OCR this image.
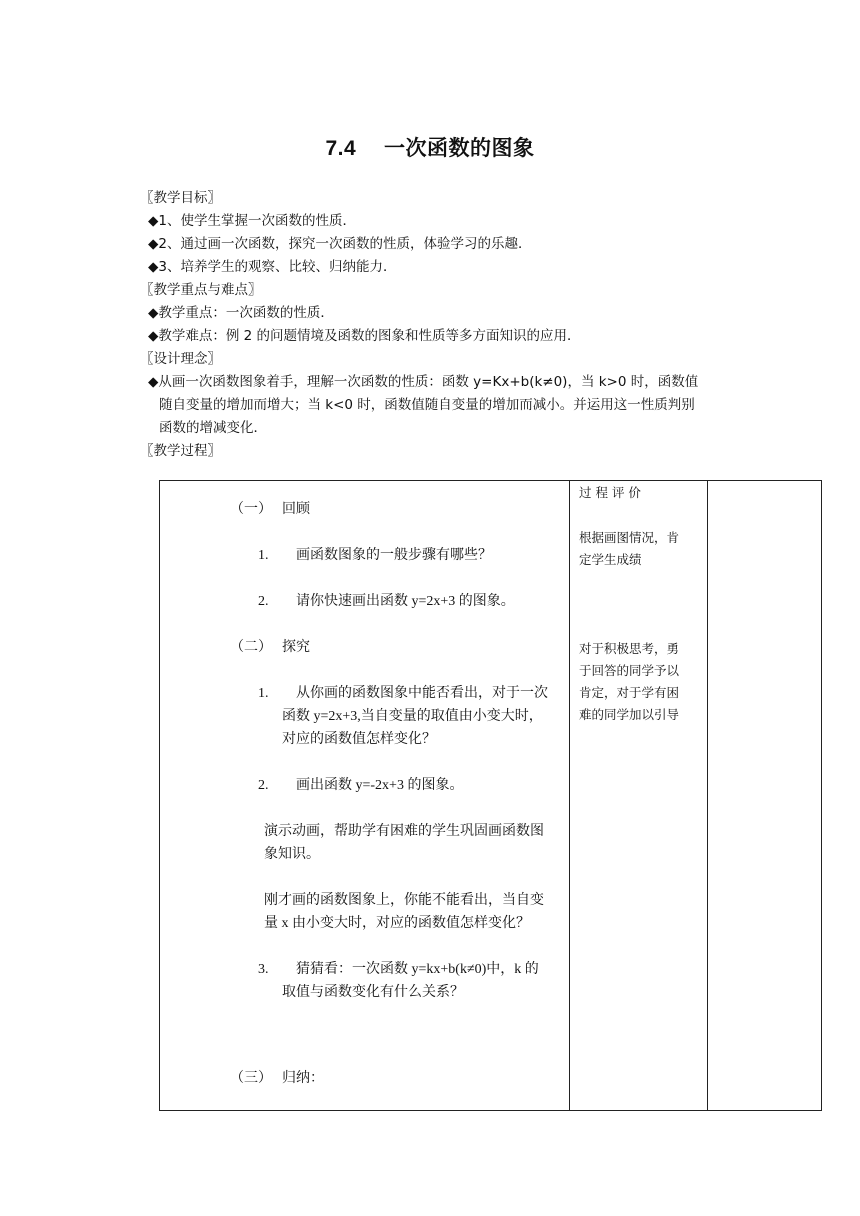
7.4　 一次函数的图象
〖教学目标〗
◆1、使学生掌握一次函数的性质．
◆2、通过画一次函数，探究一次函数的性质，体验学习的乐趣．
◆3、培养学生的观察、比较、归纳能力．
〖教学重点与难点〗
◆教学重点：一次函数的性质．
◆教学难点：例 2 的问题情境及函数的图象和性质等多方面知识的应用．
〖设计理念〗
◆从画一次函数图象着手，理解一次函数的性质：函数 y=Kx+b(k≠0)，当 k>0 时，函数值
随自变量的增加而增大；当 k<0 时，函数值随自变量的增加而减小。并运用这一性质判别
函数的增减变化．
〖教学过程〗
（一） 回顾
1. 画函数图象的一般步骤有哪些？
2. 请你快速画出函数 y=2x+3 的图象。
（二） 探究
1. 从你画的函数图象中能否看出，对于一次
函数 y=2x+3,当自变量的取值由小变大时，
对应的函数值怎样变化？
2. 画出函数 y=-2x+3 的图象。
演示动画，帮助学有困难的学生巩固画函数图
象知识。
刚才画的函数图象上，你能不能看出，当自变
量 x 由小变大时，对应的函数值怎样变化？
3. 猜猜看：一次函数 y=kx+b(k≠0)中，k 的
取值与函数变化有什么关系？
（三） 归纳：

过 程 评 价
根据画图情况，肯
定学生成绩
对于积极思考，勇
于回答的同学予以
肯定，对于学有困
难的同学加以引导
